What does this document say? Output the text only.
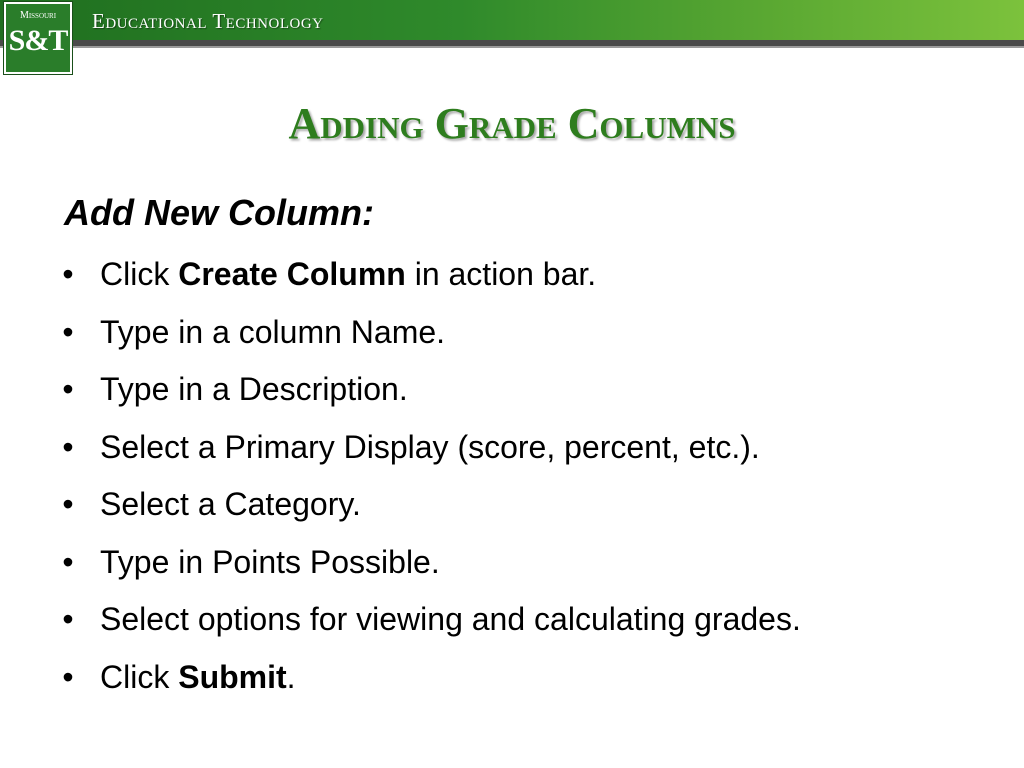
Educational Technology
Missouri
S&T
Adding Grade Columns
Add New Column:
• Click Create Column in action bar.
• Type in a column Name.
• Type in a Description.
• Select a Primary Display (score, percent, etc.).
• Select a Category.
• Type in Points Possible.
• Select options for viewing and calculating grades.
• Click Submit.
